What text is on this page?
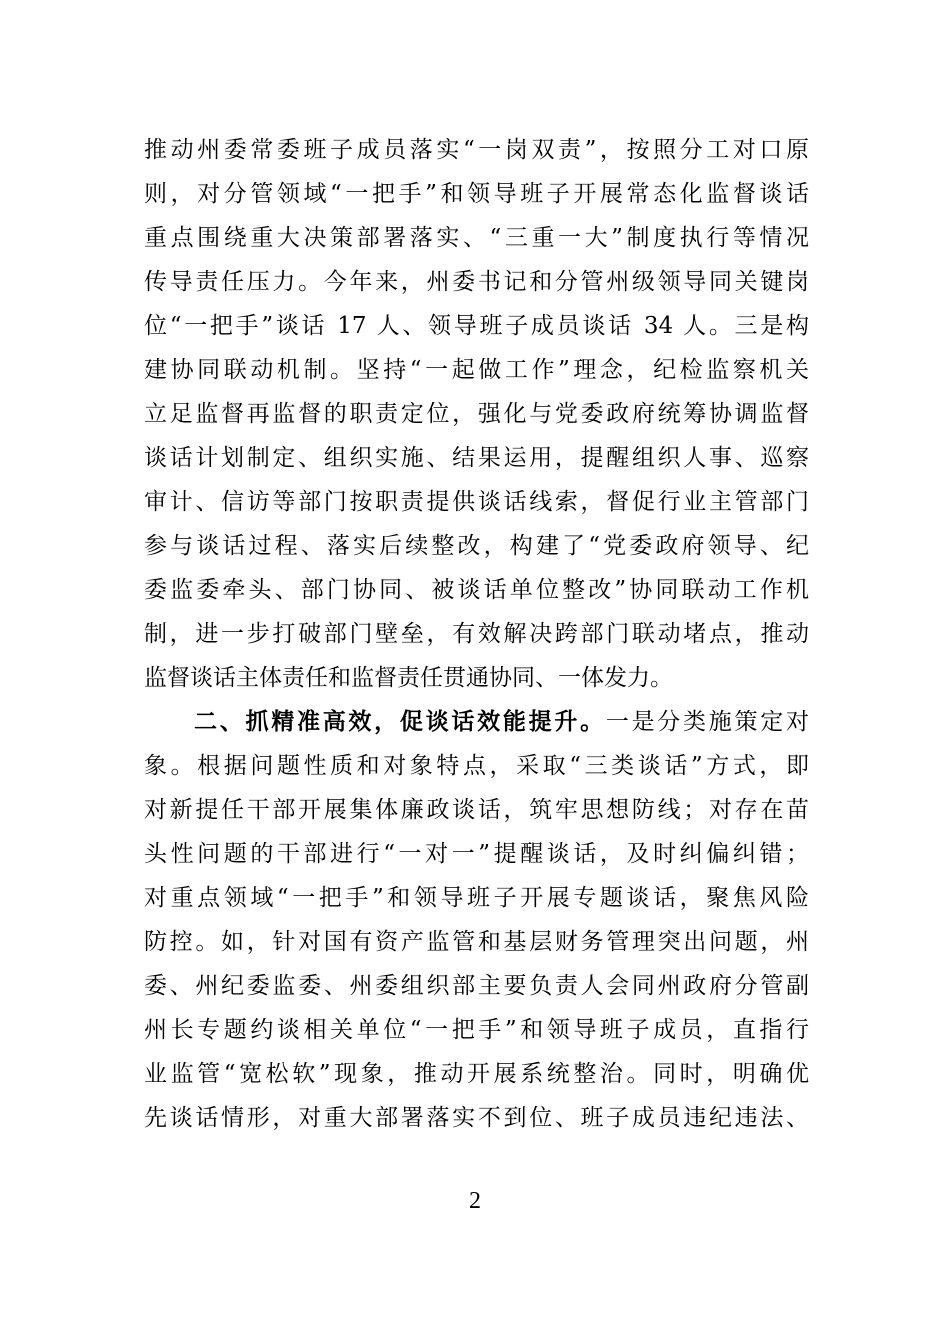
推动州委常委班子成员落实“一岗双责”，按照分工对口原
则，对分管领域“一把手”和领导班子开展常态化监督谈话
重点围绕重大决策部署落实、“三重一大”制度执行等情况
传导责任压力。今年来，州委书记和分管州级领导同关键岗
位“一把手”谈话 17 人、领导班子成员谈话 34 人。三是构
建协同联动机制。坚持“一起做工作”理念，纪检监察机关
立足监督再监督的职责定位，强化与党委政府统筹协调监督
谈话计划制定、组织实施、结果运用，提醒组织人事、巡察
审计、信访等部门按职责提供谈话线索，督促行业主管部门
参与谈话过程、落实后续整改，构建了“党委政府领导、纪
委监委牵头、部门协同、被谈话单位整改”协同联动工作机
制，进一步打破部门壁垒，有效解决跨部门联动堵点，推动
监督谈话主体责任和监督责任贯通协同、一体发力。
二、抓精准高效，促谈话效能提升。一是分类施策定对
象。根据问题性质和对象特点，采取“三类谈话”方式，即
对新提任干部开展集体廉政谈话，筑牢思想防线；对存在苗
头性问题的干部进行“一对一”提醒谈话，及时纠偏纠错；
对重点领域“一把手”和领导班子开展专题谈话，聚焦风险
防控。如，针对国有资产监管和基层财务管理突出问题，州
委、州纪委监委、州委组织部主要负责人会同州政府分管副
州长专题约谈相关单位“一把手”和领导班子成员，直指行
业监管“宽松软”现象，推动开展系统整治。同时，明确优
先谈话情形，对重大部署落实不到位、班子成员违纪违法、
2
